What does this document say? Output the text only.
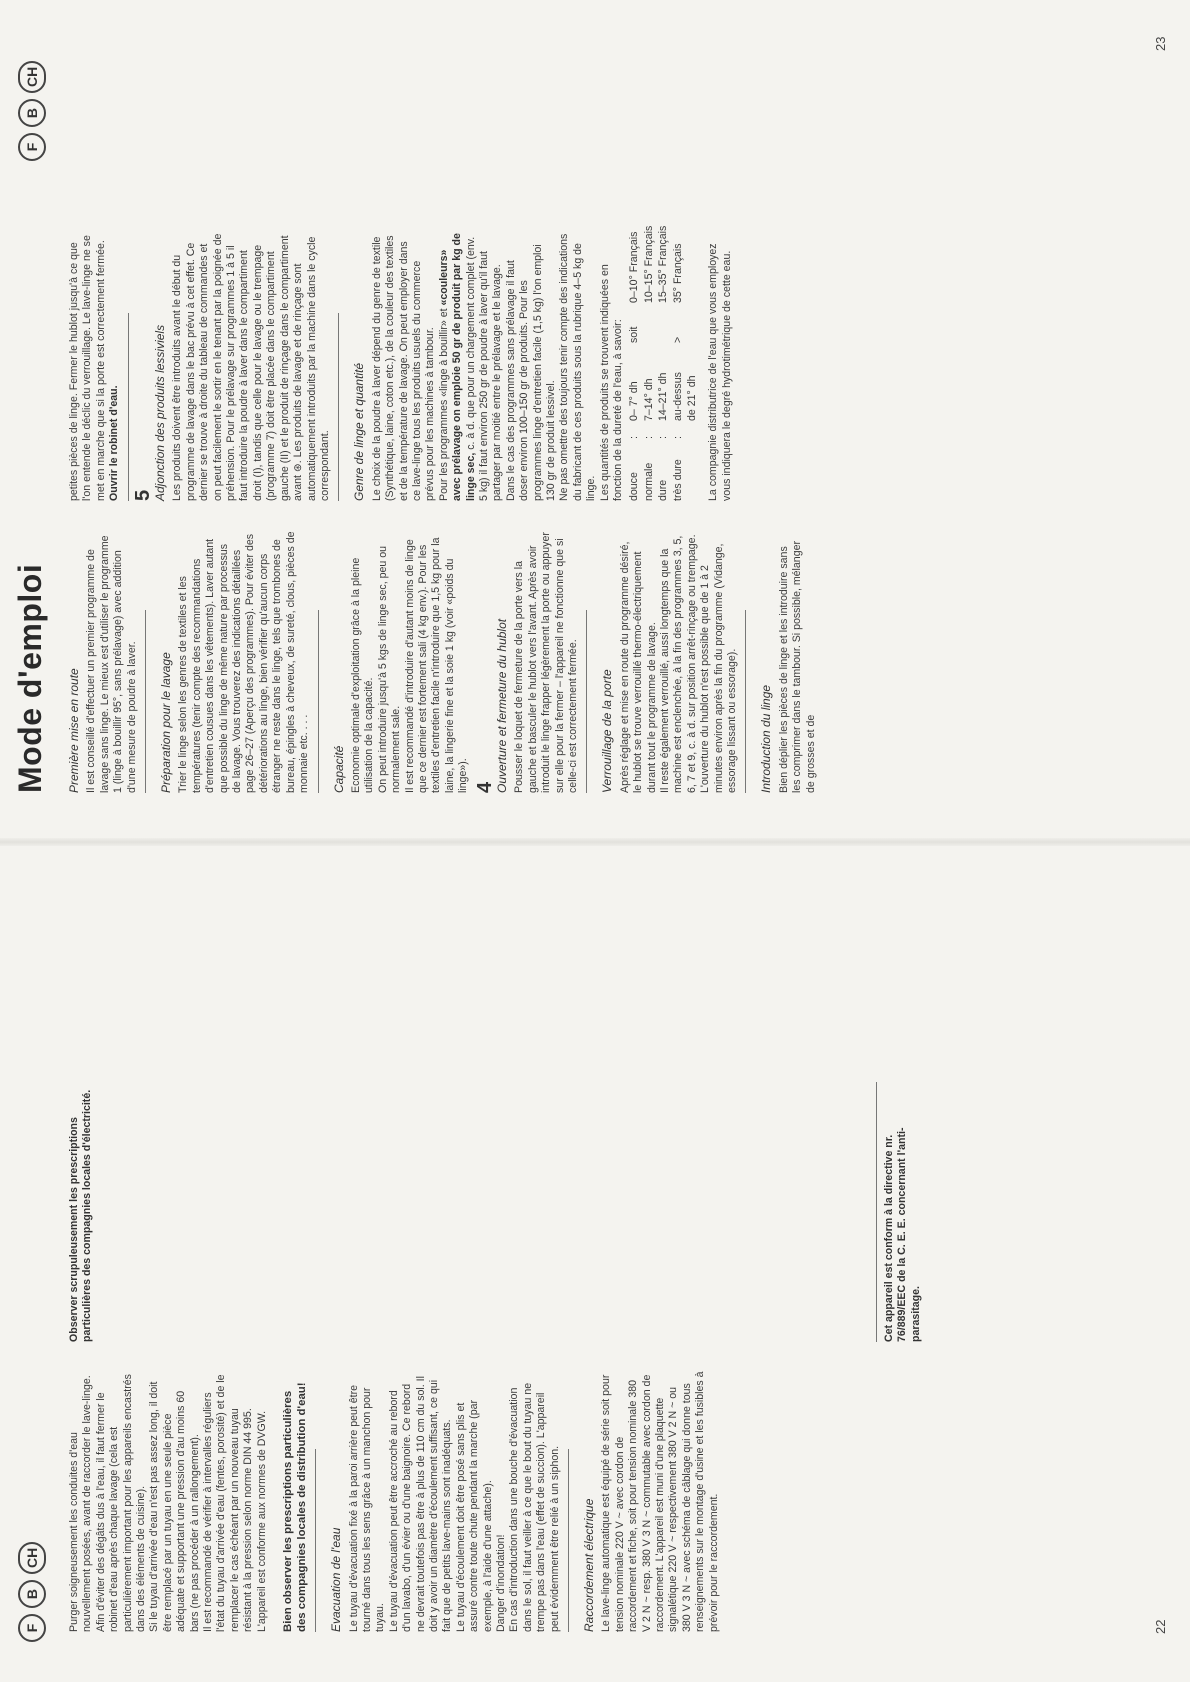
F
B
CH	Purger soigneusement les conduites d'eau nouvellement posées, avant de raccorder le lave-linge. Afin d'éviter des dégâts dus à l'eau, il faut fermer le robinet d'eau après chaque lavage (cela est particulièrement important pour les appareils encastrés dans des éléments de cuisine). Si le tuyau d'arrivée d'eau n'est pas assez long, il doit être remplacé par un tuyau en une seule pièce adéquate et supportant une pression d'au moins 60 bars (ne pas procéder à un rallongement). Il est recommandé de vérifier à intervalles réguliers l'état du tuyau d'arrivée d'eau (fentes, porosité) et de le remplacer le cas échéant par un nouveau tuyau résistant à la pression selon norme DIN 44 995. L'appareil est conforme aux normes de DVGW. Bien observer les prescriptions particulières des compagnies locales de distribution d'eau! Evacuation de l'eau Le tuyau d'évacuation fixé à la paroi arrière peut être tourné dans tous les sens grâce à un manchon pour tuyau. Le tuyau d'évacuation peut être accroché au rebord d'un lavabo, d'un évier ou d'une baignoire. Ce rebord ne devrait toutefois pas être à plus de 110 cm du sol. Il doit y avoir un diamètre d'écoulement suffisant, ce qui fait que de petits lave-mains sont inadéquats. Le tuyau d'écoulement doit être posé sans plis et assuré contre toute chute pendant la marche (par exemple, à l'aide d'une attache). Danger d'inondation! En cas d'introduction dans une bouche d'évacuation dans le sol, il faut veiller à ce que le bout du tuyau ne trempe pas dans l'eau (effet de succion). L'appareil peut évidemment être relié à un siphon. Raccordement électrique Le lave-linge automatique est équipé de série soit pour tension nominale 220 V ~ avec cordon de raccordement et fiche, soit pour tension nominale 380 V 2 N ~ resp. 380 V 3 N ~ commutable avec cordon de raccordement. L'appareil est muni d'une plaquette signalétique 220 V ~ respectivement 380 V 2 N ~ ou 380 V 3 N ~ avec schéma de câblage qui donne tous renseignements sur le montage d'usine et les fusibles à prévoir pour le raccordement.

Observer scrupuleusement les prescriptions particulières des compagnies locales d'électricité.	Cet appareil est conform à la directive nr. 76/889/EEC de la C. E. E. concernant l'anti-parasitage.

22
Mode d'emploi
F
B
CH
Première mise en route Il est conseillé d'effectuer un premier programme de lavage sans linge. Le mieux est d'utiliser le programme 1 (linge à bouillir 95°, sans prélavage) avec addition d'une mesure de poudre à laver. Préparation pour le lavage Trier le linge selon les genres de textiles et les températures (tenir compte des recommandations d'entretien cousues dans les vêtements). Laver autant que possible du linge de même nature par processus de lavage. Vous trouverez des indications détaillées page 26–27 (Aperçu des programmes). Pour éviter des détériorations au linge, bien vérifier qu'aucun corps étranger ne reste dans le linge, tels que trombones de bureau, épingles à cheveux, de sureté, clous, pièces de monnaie etc. . . . Capacité Economie optimale d'exploitation grâce à la pleine utilisation de la capacité. On peut introduire jusqu'à 5 kgs de linge sec, peu ou normalement sale. Il est recommandé d'introduire d'autant moins de linge que ce dernier est fortement sali (4 kg env.). Pour les textiles d'entretien facile n'introduire que 1,5 kg pour la laine, la lingerie fine et la soie 1 kg (voir «poids du linge»). 4 Ouverture et fermeture du hublot Pousser le loquet de fermeture de la porte vers la gauche et basculer le hublot vers l'avant. Après avoir introduit le linge frapper légèrement la porte ou appuyer sur elle pour la fermer – l'appareil ne fonctionne que si celle-ci est correctement fermée. Verrouillage de la porte Après réglage et mise en route du programme désiré, le hublot se trouve verrouillé thermo-électriquement durant tout le programme de lavage. Il reste également verrouillé, aussi longtemps que la machine est enclenchée, à la fin des programmes 3, 5, 6, 7 et 9, c. à d. sur position arrêt-rinçage ou trempage. L'ouverture du hublot n'est possible que de 1 à 2 minutes environ après la fin du programme (Vidange, essorage lissant ou essorage). Introduction du linge Bien déplier les pièces de linge et les introduire sans les comprimer dans le tambour. Si possible, mélanger de grosses et de

petites pièces de linge. Fermer le hublot jusqu'à ce que l'on entende le déclic du verrouillage. Le lave-linge ne se met en marche que si la porte est correctement fermée. Ouvrir le robinet d'eau. 5 Adjonction des produits lessiviels Les produits doivent être introduits avant le début du programme de lavage dans le bac prévu à cet effet. Ce dernier se trouve à droite du tableau de commandes et on peut facilement le sortir en le tenant par la poignée de préhension. Pour le prélavage sur programmes 1 à 5 il faut introduire la poudre à laver dans le compartiment droit (I), tandis que celle pour le lavage ou le trempage (programme 7) doit être placée dans le compartiment gauche (II) et le produit de rinçage dans le compartiment avant ⊛. Les produits de lavage et de rinçage sont automatiquement introduits par la machine dans le cycle correspondant. Genre de linge et quantité Le choix de la poudre à laver dépend du genre de textile (Synthétique, laine, coton etc.), de la couleur des textiles et de la température de lavage. On peut employer dans ce lave-linge tous les produits usuels du commerce prévus pour les machines à tambour. Pour les programmes «linge à bouillir» et «couleurs» avec prélavage on emploie 50 gr de produit par kg de linge sec, c. à d. que pour un chargement complet (env. 5 kg) il faut environ 250 gr de poudre à laver qu'il faut partager par moitié entre le prélavage et le lavage. Dans le cas des programmes sans prélavage il faut doser environ 100–150 gr de produits. Pour les programmes linge d'entretien facile (1,5 kg) l'on emploi 130 gr de produit lessivel. Ne pas omettre des toujours tenir compte des indications du fabricant de ces produits sous la rubrique 4–5 kg de linge. Les quantités de produits se trouvent indiquées en fonction de la dureté de l'eau, à savoir: douce
:
0– 7° dh
soit
0–10° Français
normale
:
7–14° dh
10–15° Français
dure
:
14–21° dh
15–35° Français
très dure
:
au-dessus
>
35° Français
de 21° dh La compagnie distributrice de l'eau que vous employez vous indiquera le degré hydrotimétrique de cette eau.

23
